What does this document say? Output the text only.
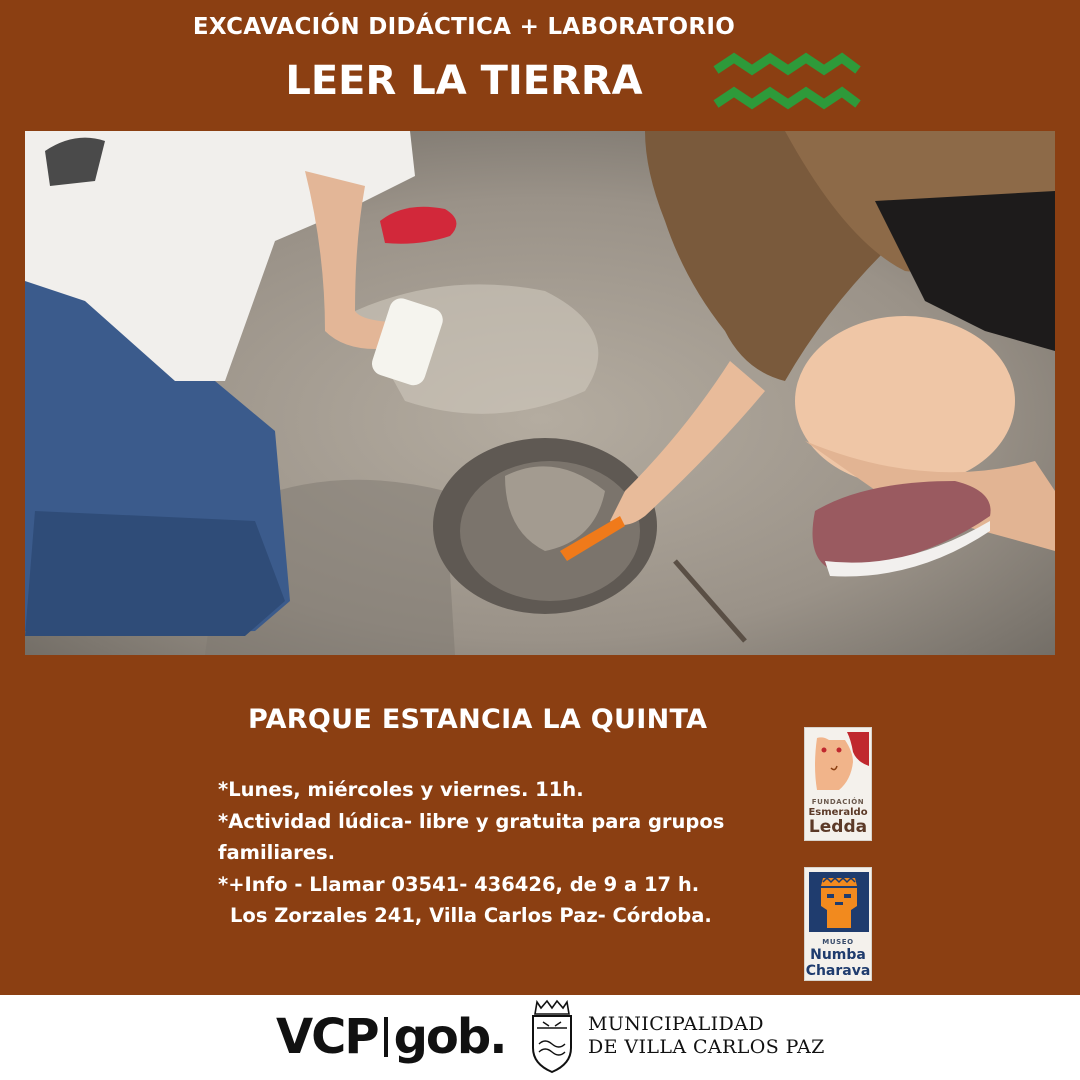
EXCAVACIÓN DIDÁCTICA + LABORATORIO
LEER LA TIERRA
PARQUE ESTANCIA LA QUINTA

*Lunes, miércoles y viernes. 11h.

*Actividad lúdica- libre y gratuita para grupos familiares.

*+Info - Llamar 03541- 436426, de 9 a 17 h.

Los Zorzales 241, Villa Carlos Paz- Córdoba.

FUNDACIÓN
Esmeraldo
Ledda
MUSEO
Numba
Charava
VCP gob.	MUNICIPALIDAD
DE VILLA CARLOS PAZ
